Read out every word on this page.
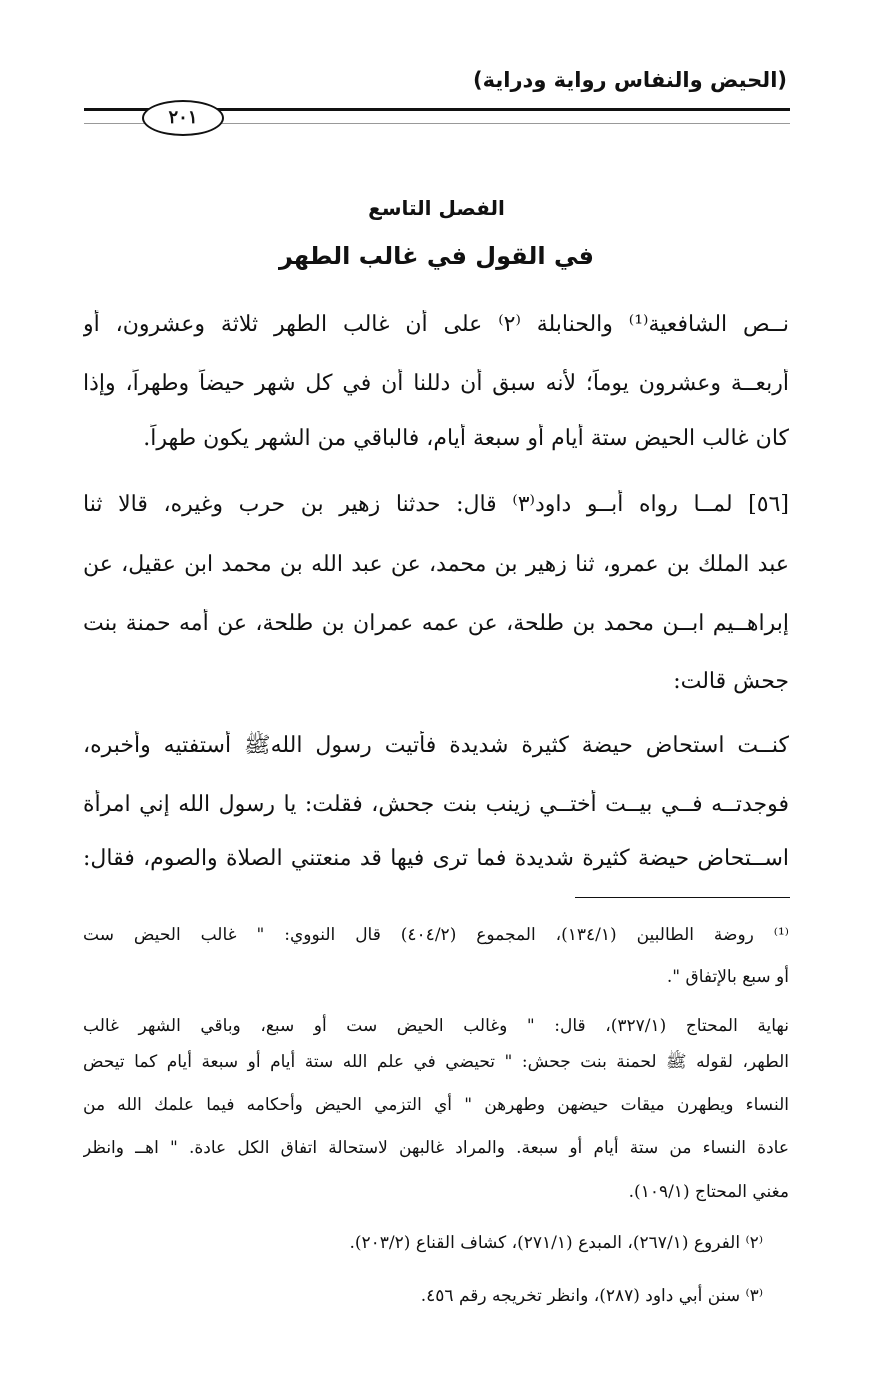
(الحيض والنفاس رواية ودراية)
٢٠١
الفصل التاسع
في القول في غالب الطهر
نــص الشافعية⁽¹⁾ والحنابلة ⁽٢⁾ على أن غالب الطهر ثلاثة وعشرون، أو
أربعــة وعشرون يوماً؛ لأنه سبق أن دللنا أن في كل شهر حيضاً وطهراً، وإذا
كان غالب الحيض ستة أيام أو سبعة أيام، فالباقي من الشهر يكون طهراً.
[٥٦] لمــا رواه أبــو داود⁽٣⁾ قال: حدثنا زهير بن حرب وغيره، قالا ثنا
عبد الملك بن عمرو، ثنا زهير بن محمد، عن عبد الله بن محمد ابن عقيل، عن
إبراهــيم ابــن محمد بن طلحة، عن عمه عمران بن طلحة، عن أمه حمنة بنت
جحش قالت:
كنــت استحاض حيضة كثيرة شديدة فأتيت رسول اللهﷺ أستفتيه وأخبره،
فوجدتــه فــي بيــت أختــي زينب بنت جحش، فقلت: يا رسول الله إني امرأة
اســتحاض حيضة كثيرة شديدة فما ترى فيها قد منعتني الصلاة والصوم، فقال:
⁽¹⁾ روضة الطالبين (١٣٤/١)، المجموع (٤٠٤/٢) قال النووي: " غالب الحيض ست
أو سبع بالإتفاق ".
نهاية المحتاج (٣٢٧/١)، قال: " وغالب الحيض ست أو سبع، وباقي الشهر غالب
الطهر، لقوله ﷺ لحمنة بنت جحش: " تحيضي في علم الله ستة أيام أو سبعة أيام كما تيحض
النساء ويطهرن ميقات حيضهن وطهرهن " أي التزمي الحيض وأحكامه فيما علمك الله من
عادة النساء من ستة أيام أو سبعة. والمراد غالبهن لاستحالة اتفاق الكل عادة. " اهــ وانظر
مغني المحتاج (١٠٩/١).
⁽٢⁾ الفروع (٢٦٧/١)، المبدع (٢٧١/١)، كشاف القناع (٢٠٣/٢).
⁽٣⁾ سنن أبي داود (٢٨٧)، وانظر تخريجه رقم ٤٥٦.
